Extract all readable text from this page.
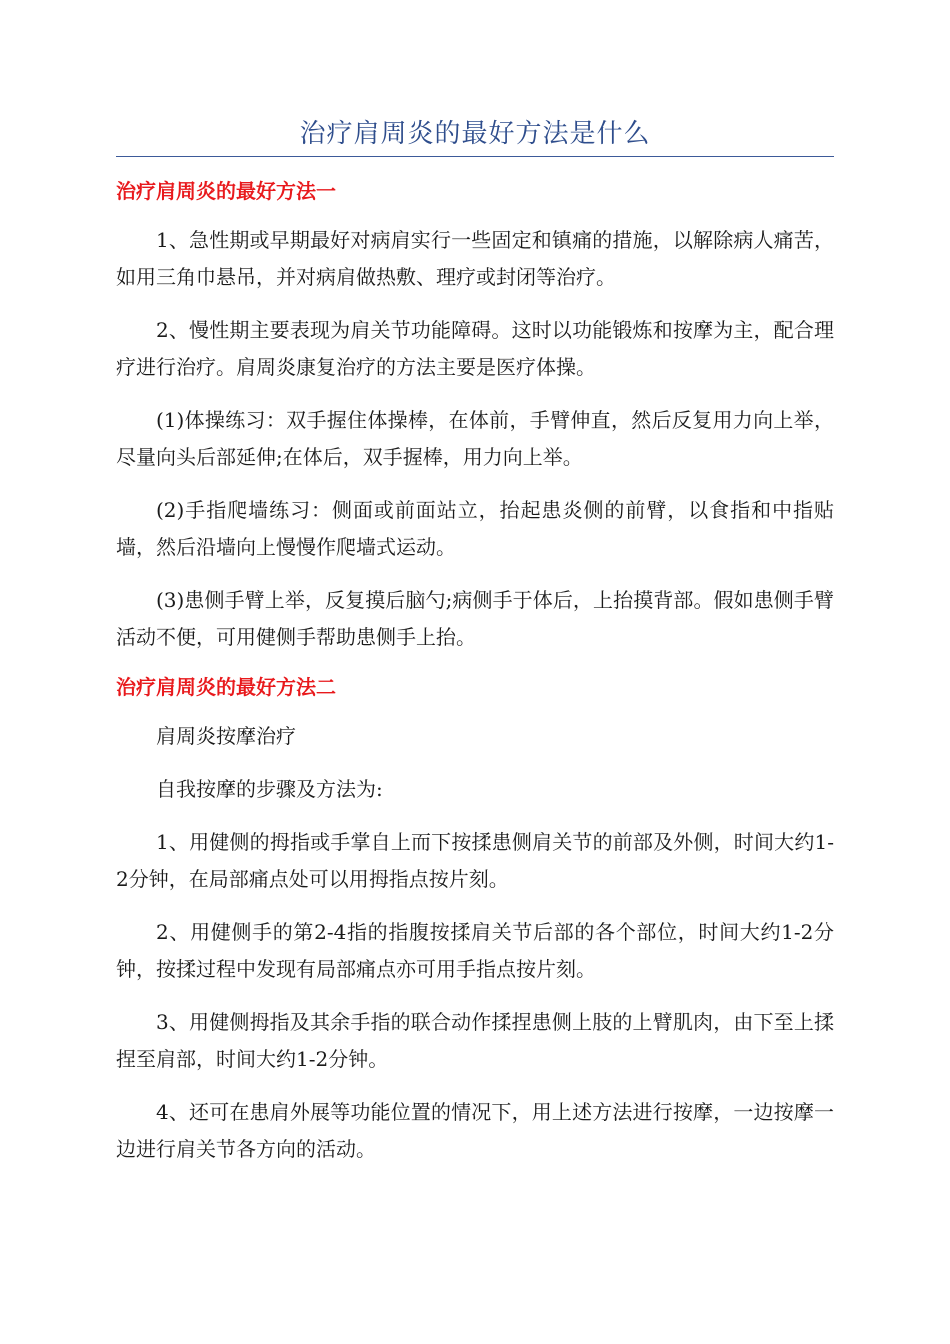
治疗肩周炎的最好方法是什么
治疗肩周炎的最好方法一

1、急性期或早期最好对病肩实行一些固定和镇痛的措施，以解除病人痛苦，如用三角巾悬吊，并对病肩做热敷、理疗或封闭等治疗。

2、慢性期主要表现为肩关节功能障碍。这时以功能锻炼和按摩为主，配合理疗进行治疗。肩周炎康复治疗的方法主要是医疗体操。

(1)体操练习：双手握住体操棒，在体前，手臂伸直，然后反复用力向上举，尽量向头后部延伸;在体后，双手握棒，用力向上举。

(2)手指爬墙练习：侧面或前面站立，抬起患炎侧的前臂，以食指和中指贴墙，然后沿墙向上慢慢作爬墙式运动。

(3)患侧手臂上举，反复摸后脑勺;病侧手于体后，上抬摸背部。假如患侧手臂活动不便，可用健侧手帮助患侧手上抬。

治疗肩周炎的最好方法二

肩周炎按摩治疗

自我按摩的步骤及方法为:

1、用健侧的拇指或手掌自上而下按揉患侧肩关节的前部及外侧，时间大约1-2分钟，在局部痛点处可以用拇指点按片刻。

2、用健侧手的第2-4指的指腹按揉肩关节后部的各个部位，时间大约1-2分钟，按揉过程中发现有局部痛点亦可用手指点按片刻。

3、用健侧拇指及其余手指的联合动作揉捏患侧上肢的上臂肌肉，由下至上揉捏至肩部，时间大约1-2分钟。

4、还可在患肩外展等功能位置的情况下，用上述方法进行按摩，一边按摩一边进行肩关节各方向的活动。
